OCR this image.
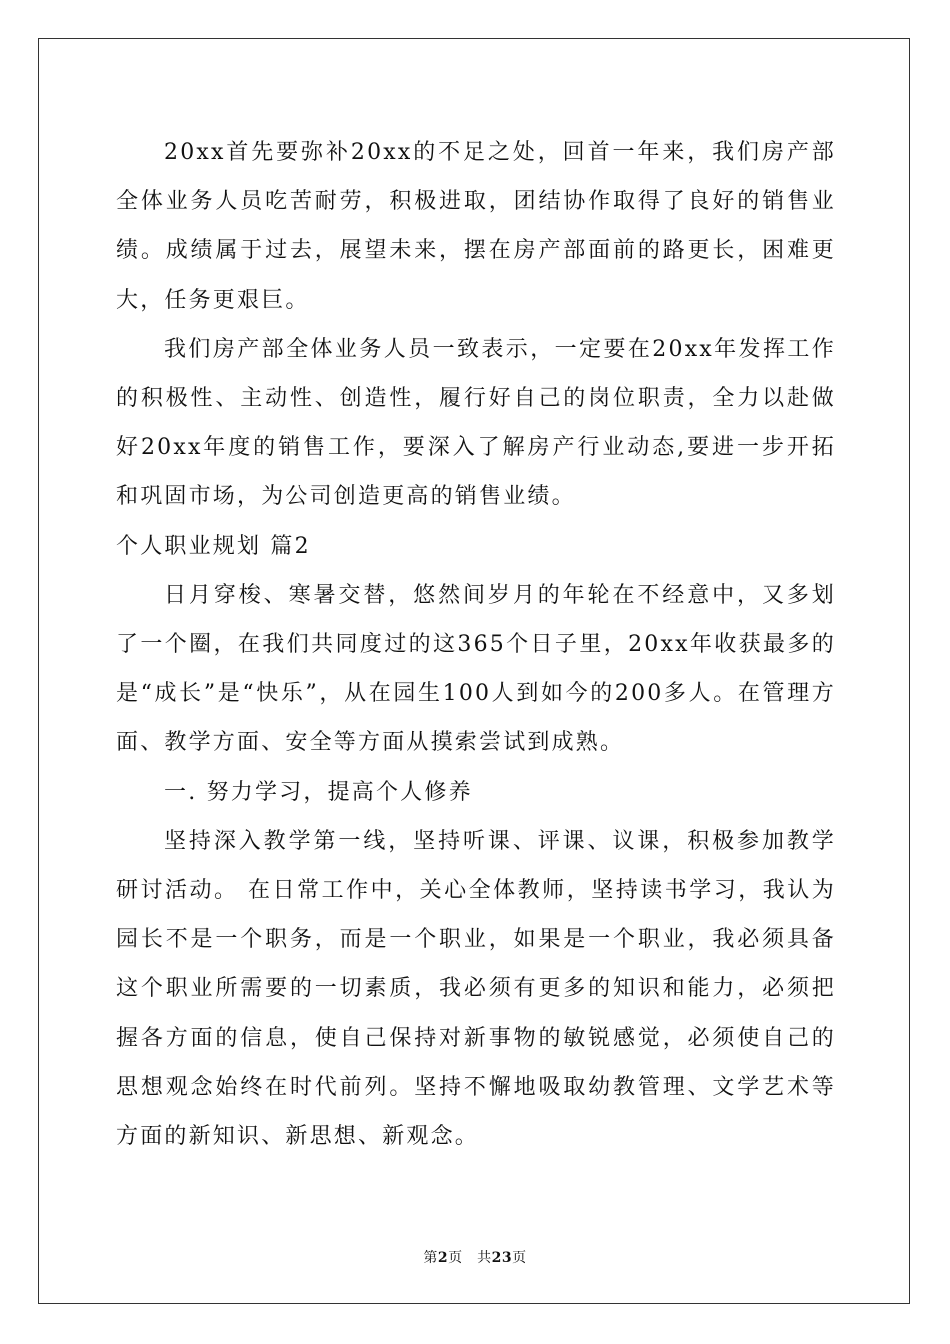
20xx首先要弥补20xx的不足之处，回首一年来，我们房产部全体业务人员吃苦耐劳，积极进取，团结协作取得了良好的销售业绩。成绩属于过去，展望未来，摆在房产部面前的路更长，困难更大，任务更艰巨。

我们房产部全体业务人员一致表示，一定要在20xx年发挥工作的积极性、主动性、创造性，履行好自己的岗位职责，全力以赴做好20xx年度的销售工作，要深入了解房产行业动态,要进一步开拓和巩固市场，为公司创造更高的销售业绩。

个人职业规划 篇2

日月穿梭、寒暑交替，悠然间岁月的年轮在不经意中，又多划了一个圈，在我们共同度过的这365个日子里，20xx年收获最多的是“成长”是“快乐”，从在园生100人到如今的200多人。在管理方面、教学方面、安全等方面从摸索尝试到成熟。

一. 努力学习，提高个人修养

坚持深入教学第一线，坚持听课、评课、议课，积极参加教学研讨活动。 在日常工作中，关心全体教师，坚持读书学习，我认为园长不是一个职务，而是一个职业，如果是一个职业，我必须具备这个职业所需要的一切素质，我必须有更多的知识和能力，必须把握各方面的信息，使自己保持对新事物的敏锐感觉，必须使自己的思想观念始终在时代前列。坚持不懈地吸取幼教管理、文学艺术等方面的新知识、新思想、新观念。

第2页　共23页
